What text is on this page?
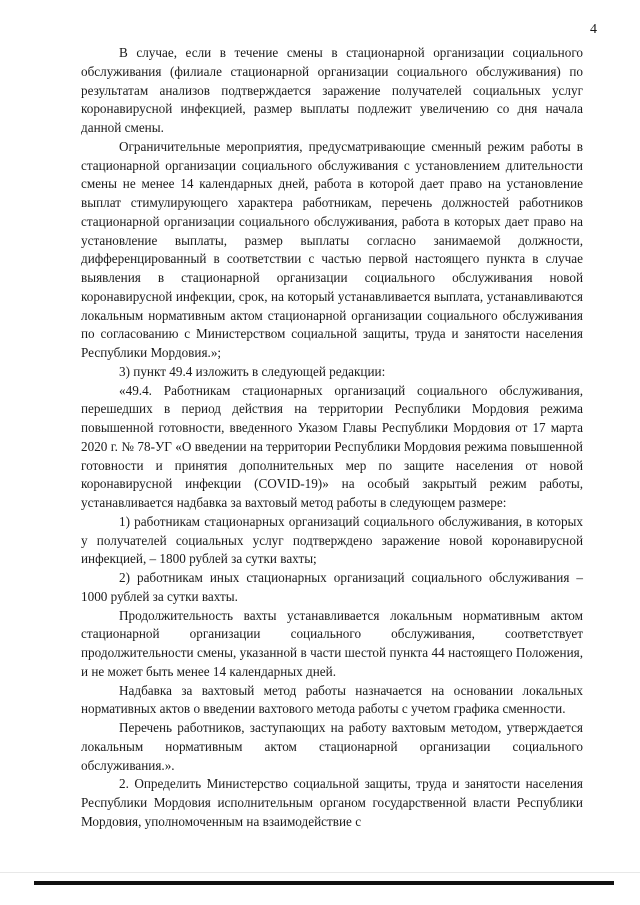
4

В случае, если в течение смены в стационарной организации социального обслуживания (филиале стационарной организации социального обслуживания) по результатам анализов подтверждается заражение получателей социальных услуг коронавирусной инфекцией, размер выплаты подлежит увеличению со дня начала данной смены.

Ограничительные мероприятия, предусматривающие сменный режим работы в стационарной организации социального обслуживания с установлением длительности смены не менее 14 календарных дней, работа в которой дает право на установление выплат стимулирующего характера работникам, перечень должностей работников стационарной организации социального обслуживания, работа в которых дает право на установление выплаты, размер выплаты согласно занимаемой должности, дифференцированный в соответствии с частью первой настоящего пункта в случае выявления в стационарной организации социального обслуживания новой коронавирусной инфекции, срок, на который устанавливается выплата, устанавливаются локальным нормативным актом стационарной организации социального обслуживания по согласованию с Министерством социальной защиты, труда и занятости населения Республики Мордовия.»;

3) пункт 49.4 изложить в следующей редакции:

«49.4. Работникам стационарных организаций социального обслуживания, перешедших в период действия на территории Республики Мордовия режима повышенной готовности, введенного Указом Главы Республики Мордовия от 17 марта 2020 г. № 78-УГ «О введении на территории Республики Мордовия режима повышенной готовности и принятия дополнительных мер по защите населения от новой коронавирусной инфекции (COVID-19)» на особый закрытый режим работы, устанавливается надбавка за вахтовый метод работы в следующем размере:

1) работникам стационарных организаций социального обслуживания, в которых у получателей социальных услуг подтверждено заражение новой коронавирусной инфекцией, – 1800 рублей за сутки вахты;

2) работникам иных стационарных организаций социального обслуживания – 1000 рублей за сутки вахты.

Продолжительность вахты устанавливается локальным нормативным актом стационарной организации социального обслуживания, соответствует продолжительности смены, указанной в части шестой пункта 44 настоящего Положения, и не может быть менее 14 календарных дней.

Надбавка за вахтовый метод работы назначается на основании локальных нормативных актов о введении вахтового метода работы с учетом графика сменности.

Перечень работников, заступающих на работу вахтовым методом, утверждается локальным нормативным актом стационарной организации социального обслуживания.».

2. Определить Министерство социальной защиты, труда и занятости населения Республики Мордовия исполнительным органом государственной власти Республики Мордовия, уполномоченным на взаимодействие с
